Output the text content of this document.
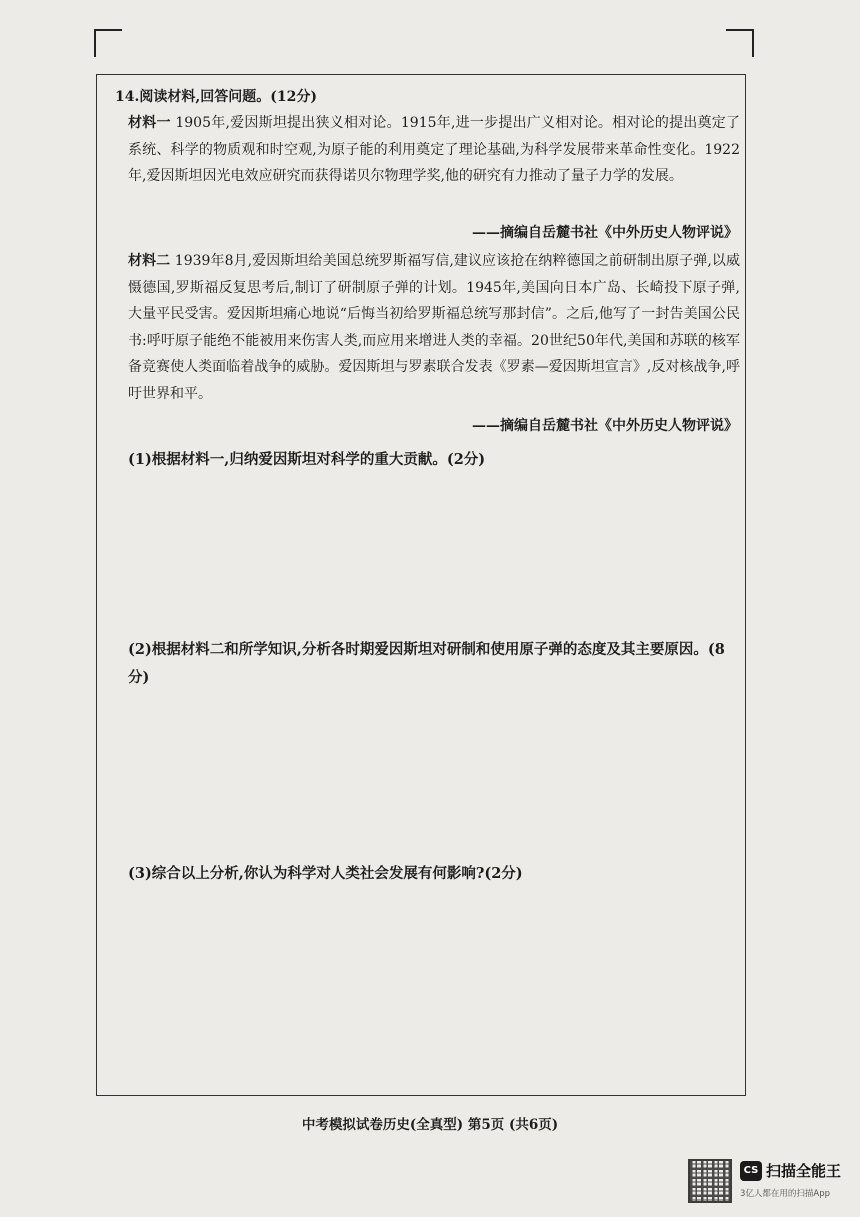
14.阅读材料,回答问题。(12分)
材料一 1905年,爱因斯坦提出狭义相对论。1915年,进一步提出广义相对论。相对论的提出奠定了系统、科学的物质观和时空观,为原子能的利用奠定了理论基础,为科学发展带来革命性变化。1922年,爱因斯坦因光电效应研究而获得诺贝尔物理学奖,他的研究有力推动了量子力学的发展。
——摘编自岳麓书社《中外历史人物评说》
材料二 1939年8月,爱因斯坦给美国总统罗斯福写信,建议应该抢在纳粹德国之前研制出原子弹,以威慑德国,罗斯福反复思考后,制订了研制原子弹的计划。1945年,美国向日本广岛、长崎投下原子弹,大量平民受害。爱因斯坦痛心地说“后悔当初给罗斯福总统写那封信”。之后,他写了一封告美国公民书:呼吁原子能绝不能被用来伤害人类,而应用来增进人类的幸福。20世纪50年代,美国和苏联的核军备竞赛使人类面临着战争的威胁。爱因斯坦与罗素联合发表《罗素—爱因斯坦宣言》,反对核战争,呼吁世界和平。
——摘编自岳麓书社《中外历史人物评说》
(1)根据材料一,归纳爱因斯坦对科学的重大贡献。(2分)
(2)根据材料二和所学知识,分析各时期爱因斯坦对研制和使用原子弹的态度及其主要原因。(8分)
(3)综合以上分析,你认为科学对人类社会发展有何影响?(2分)
中考模拟试卷历史(全真型) 第5页 (共6页)
CS 扫描全能王
3亿人都在用的扫描App
